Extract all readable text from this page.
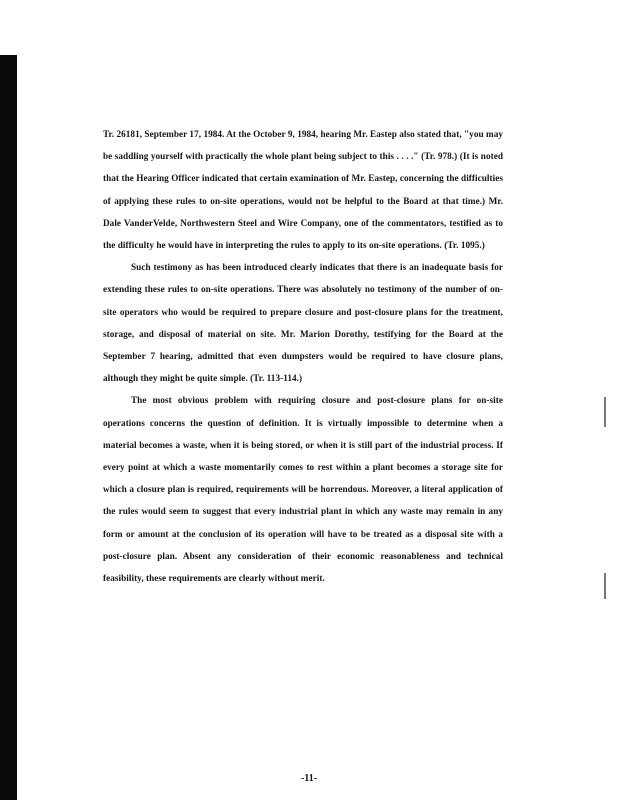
Tr. 26181, September 17, 1984. At the October 9, 1984, hearing Mr. Eastep also stated that, "you may be saddling yourself with practically the whole plant being subject to this . . . ." (Tr. 978.) (It is noted that the Hearing Officer indicated that certain examination of Mr. Eastep, concerning the difficulties of applying these rules to on-site operations, would not be helpful to the Board at that time.) Mr. Dale VanderVelde, Northwestern Steel and Wire Company, one of the commentators, testified as to the difficulty he would have in interpreting the rules to apply to its on-site operations. (Tr. 1095.)

Such testimony as has been introduced clearly indicates that there is an inadequate basis for extending these rules to on-site operations. There was absolutely no testimony of the number of on-site operators who would be required to prepare closure and post-closure plans for the treatment, storage, and disposal of material on site. Mr. Marion Dorothy, testifying for the Board at the September 7 hearing, admitted that even dumpsters would be required to have closure plans, although they might be quite simple. (Tr. 113-114.)

The most obvious problem with requiring closure and post-closure plans for on-site operations concerns the question of definition. It is virtually impossible to determine when a material becomes a waste, when it is being stored, or when it is still part of the industrial process. If every point at which a waste momentarily comes to rest within a plant becomes a storage site for which a closure plan is required, requirements will be horrendous. Moreover, a literal application of the rules would seem to suggest that every industrial plant in which any waste may remain in any form or amount at the conclusion of its operation will have to be treated as a disposal site with a post-closure plan. Absent any consideration of their economic reasonableness and technical feasibility, these requirements are clearly without merit.

-11-
